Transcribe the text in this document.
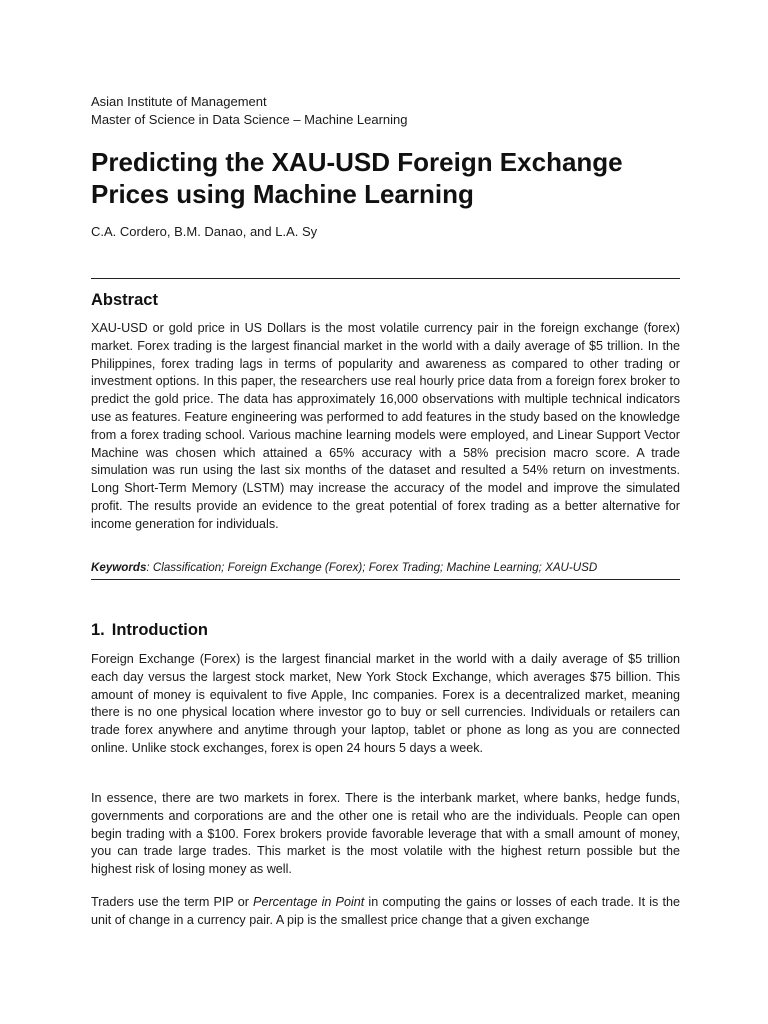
Asian Institute of Management
Master of Science in Data Science – Machine Learning
Predicting the XAU-USD Foreign Exchange
Prices using Machine Learning
C.A. Cordero, B.M. Danao, and L.A. Sy
Abstract

XAU-USD or gold price in US Dollars is the most volatile currency pair in the foreign exchange (forex) market. Forex trading is the largest financial market in the world with a daily average of $5 trillion. In the Philippines, forex trading lags in terms of popularity and awareness as compared to other trading or investment options. In this paper, the researchers use real hourly price data from a foreign forex broker to predict the gold price. The data has approximately 16,000 observations with multiple technical indicators use as features. Feature engineering was performed to add features in the study based on the knowledge from a forex trading school. Various machine learning models were employed, and Linear Support Vector Machine was chosen which attained a 65% accuracy with a 58% precision macro score. A trade simulation was run using the last six months of the dataset and resulted a 54% return on investments. Long Short-Term Memory (LSTM) may increase the accuracy of the model and improve the simulated profit. The results provide an evidence to the great potential of forex trading as a better alternative for income generation for individuals.

Keywords: Classification; Foreign Exchange (Forex); Forex Trading; Machine Learning; XAU-USD

1. Introduction

Foreign Exchange (Forex) is the largest financial market in the world with a daily average of $5 trillion each day versus the largest stock market, New York Stock Exchange, which averages $75 billion. This amount of money is equivalent to five Apple, Inc companies. Forex is a decentralized market, meaning there is no one physical location where investor go to buy or sell currencies. Individuals or retailers can trade forex anywhere and anytime through your laptop, tablet or phone as long as you are connected online. Unlike stock exchanges, forex is open 24 hours 5 days a week.

In essence, there are two markets in forex. There is the interbank market, where banks, hedge funds, governments and corporations are and the other one is retail who are the individuals. People can open begin trading with a $100. Forex brokers provide favorable leverage that with a small amount of money, you can trade large trades. This market is the most volatile with the highest return possible but the highest risk of losing money as well.

Traders use the term PIP or Percentage in Point in computing the gains or losses of each trade. It is the unit of change in a currency pair. A pip is the smallest price change that a given exchange
